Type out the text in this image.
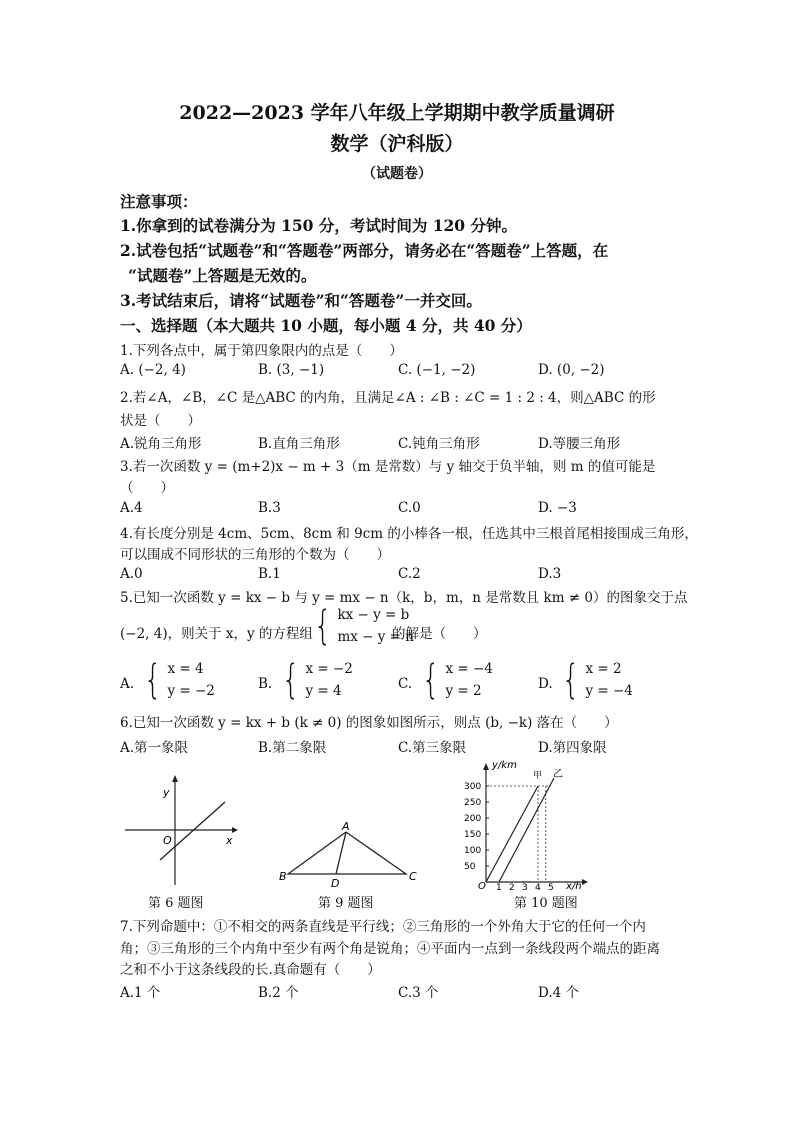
2022—2023 学年八年级上学期期中教学质量调研
数学（沪科版）
（试题卷）
注意事项：
1.你拿到的试卷满分为 150 分，考试时间为 120 分钟。
2.试卷包括“试题卷”和“答题卷”两部分，请务必在“答题卷”上答题，在
“试题卷”上答题是无效的。
3.考试结束后，请将“试题卷”和“答题卷”一并交回。
一、选择题（本大题共 10 小题，每小题 4 分，共 40 分）
1.下列各点中，属于第四象限内的点是（　　）
A. (−2, 4)	B. (3, −1)	C. (−1, −2)	D. (0, −2)
2.若∠A，∠B，∠C 是△ABC 的内角，且满足∠A : ∠B : ∠C = 1 : 2 : 4，则△ABC 的形
状是（　　）
A.锐角三角形	B.直角三角形	C.钝角三角形	D.等腰三角形
3.若一次函数 y = (m+2)x − m + 3（m 是常数）与 y 轴交于负半轴，则 m 的值可能是
（　　）
A.4	B.3	C.0	D. −3
4.有长度分别是 4cm、5cm、8cm 和 9cm 的小棒各一根，任选其中三根首尾相接围成三角形，
可以围成不同形状的三角形的个数为（　　）
A.0	B.1	C.2	D.3
5.已知一次函数 y = kx − b 与 y = mx − n（k，b，m，n 是常数且 km ≠ 0）的图象交于点
(−2, 4)，则关于 x，y 的方程组 { kx − y = b
mx − y = n
的解是（　　）
A. { x = 4
y = −2	B. { x = −2
y = 4	C. { x = −4
y = 2	D. { x = 2
y = −4
6.已知一次函数 y = kx + b (k ≠ 0) 的图象如图所示，则点 (b, −k) 落在（　　）
A.第一象限	B.第二象限	C.第三象限	D.第四象限
y
x
O
第 6 题图
A
B	C
D
第 9 题图
300
250
200
150
100
50
1 2 3 4 5
y/km
x/h
O
甲 乙
第 10 题图
7.下列命题中：①不相交的两条直线是平行线；②三角形的一个外角大于它的任何一个内
角；③三角形的三个内角中至少有两个角是锐角；④平面内一点到一条线段两个端点的距离
之和不小于这条线段的长.真命题有（　　）
A.1 个	B.2 个	C.3 个	D.4 个
